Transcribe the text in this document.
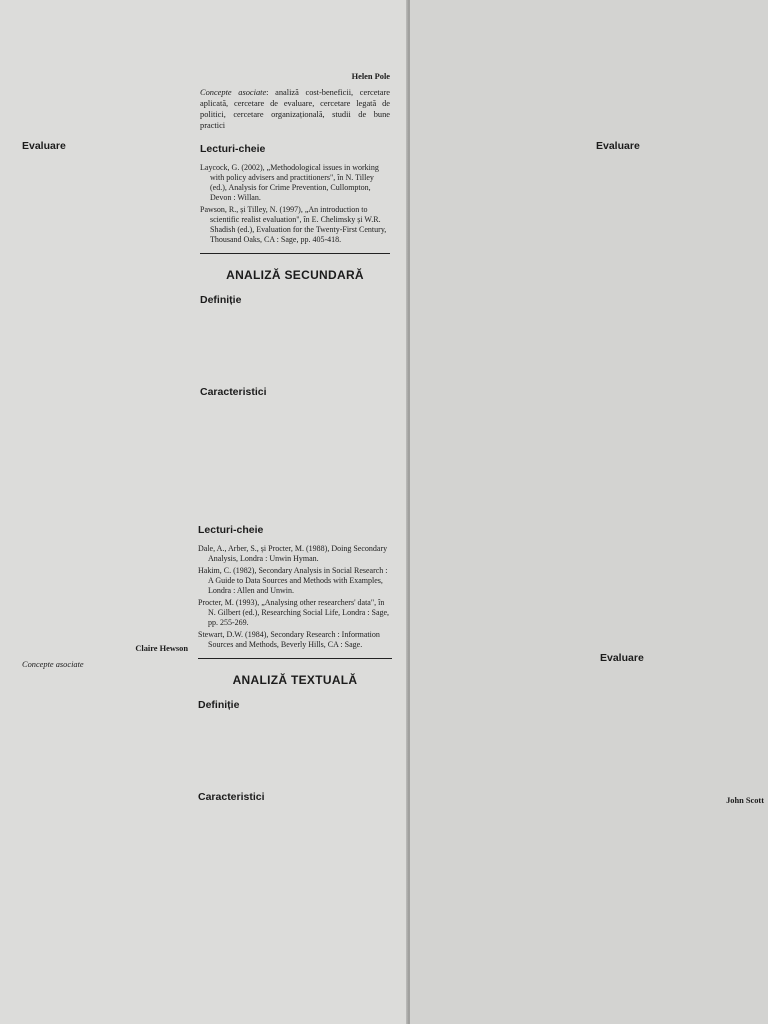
Evaluare

Helen Pole

Concepte asociate: analiză cost-beneficii, cercetare aplicată, cercetare de evaluare, cercetare legată de politici, cercetare organizațională, studii de bune practici

Lecturi-cheie

Laycock, G. (2002), „Methodological issues in working with policy advisers and practitioners", în N. Tilley (ed.), Analysis for Crime Prevention, Cullompton, Devon : Willan.

Pawson, R., și Tilley, N. (1997), „An introduction to scientific realist evaluation", în E. Chelimsky și W.R. Shadish (ed.), Evaluation for the Twenty-First Century, Thousand Oaks, CA : Sage, pp. 405-418.

ANALIZĂ SECUNDARĂ
Definiție

Caracteristici

Evaluare

Claire Hewson

Concepte asociate

Lecturi-cheie

Dale, A., Arber, S., și Procter, M. (1988), Doing Secondary Analysis, Londra : Unwin Hyman.

Hakim, C. (1982), Secondary Analysis in Social Research : A Guide to Data Sources and Methods with Examples, Londra : Allen and Unwin.

Procter, M. (1993), „Analysing other researchers' data", în N. Gilbert (ed.), Researching Social Life, Londra : Sage, pp. 255-269.

Stewart, D.W. (1984), Secondary Research : Information Sources and Methods, Beverly Hills, CA : Sage.

ANALIZĂ TEXTUALĂ
Definiție

Caracteristici

Evaluare

John Scott
